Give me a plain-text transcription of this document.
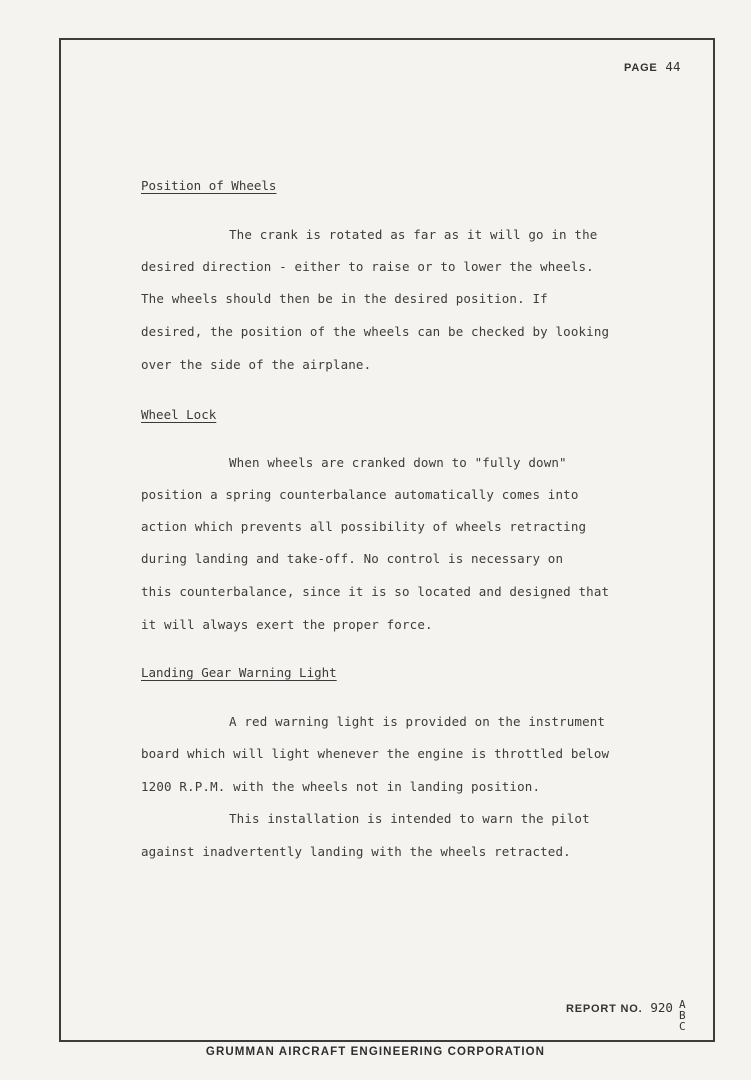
PAGE 44
Position of Wheels
The crank is rotated as far as it will go in the
desired direction - either to raise or to lower the wheels.
The wheels should then be in the desired position. If
desired, the position of the wheels can be checked by looking
over the side of the airplane.
Wheel Lock
When wheels are cranked down to "fully down"
position a spring counterbalance automatically comes into
action which prevents all possibility of wheels retracting
during landing and take-off. No control is necessary on
this counterbalance, since it is so located and designed that
it will always exert the proper force.
Landing Gear Warning Light
A red warning light is provided on the instrument
board which will light whenever the engine is throttled below
1200 R.P.M. with the wheels not in landing position.
This installation is intended to warn the pilot
against inadvertently landing with the wheels retracted.
REPORT NO. 920 A
B
C
GRUMMAN AIRCRAFT ENGINEERING CORPORATION
